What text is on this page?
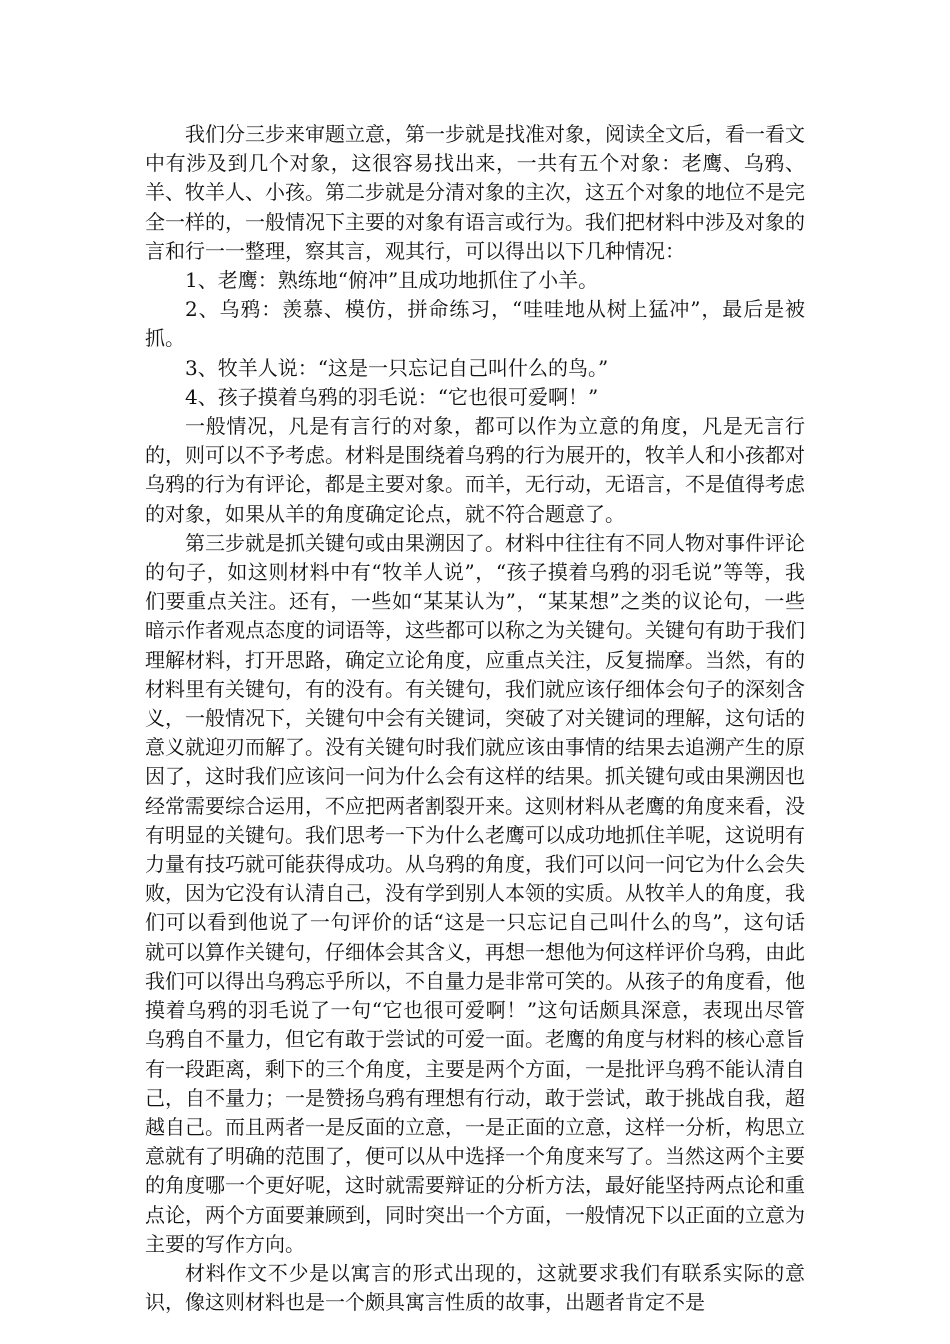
我们分三步来审题立意，第一步就是找准对象，阅读全文后，看一看文中有涉及到几个对象，这很容易找出来，一共有五个对象：老鹰、乌鸦、羊、牧羊人、小孩。第二步就是分清对象的主次，这五个对象的地位不是完全一样的，一般情况下主要的对象有语言或行为。我们把材料中涉及对象的言和行一一整理，察其言，观其行，可以得出以下几种情况：

1、老鹰：熟练地“俯冲”且成功地抓住了小羊。

2、乌鸦：羡慕、模仿，拼命练习，“哇哇地从树上猛冲”，最后是被抓。

3、牧羊人说：“这是一只忘记自己叫什么的鸟。”

4、孩子摸着乌鸦的羽毛说：“它也很可爱啊！”

一般情况，凡是有言行的对象，都可以作为立意的角度，凡是无言行的，则可以不予考虑。材料是围绕着乌鸦的行为展开的，牧羊人和小孩都对乌鸦的行为有评论，都是主要对象。而羊，无行动，无语言，不是值得考虑的对象，如果从羊的角度确定论点，就不符合题意了。

第三步就是抓关键句或由果溯因了。材料中往往有不同人物对事件评论的句子，如这则材料中有“牧羊人说”，“孩子摸着乌鸦的羽毛说”等等，我们要重点关注。还有，一些如“某某认为”，“某某想”之类的议论句，一些暗示作者观点态度的词语等，这些都可以称之为关键句。关键句有助于我们理解材料，打开思路，确定立论角度，应重点关注，反复揣摩。当然，有的材料里有关键句，有的没有。有关键句，我们就应该仔细体会句子的深刻含义，一般情况下，关键句中会有关键词，突破了对关键词的理解，这句话的意义就迎刃而解了。没有关键句时我们就应该由事情的结果去追溯产生的原因了，这时我们应该问一问为什么会有这样的结果。抓关键句或由果溯因也经常需要综合运用，不应把两者割裂开来。这则材料从老鹰的角度来看，没有明显的关键句。我们思考一下为什么老鹰可以成功地抓住羊呢，这说明有力量有技巧就可能获得成功。从乌鸦的角度，我们可以问一问它为什么会失败，因为它没有认清自己，没有学到别人本领的实质。从牧羊人的角度，我们可以看到他说了一句评价的话“这是一只忘记自己叫什么的鸟”，这句话就可以算作关键句，仔细体会其含义，再想一想他为何这样评价乌鸦，由此我们可以得出乌鸦忘乎所以，不自量力是非常可笑的。从孩子的角度看，他摸着乌鸦的羽毛说了一句“它也很可爱啊！”这句话颇具深意，表现出尽管乌鸦自不量力，但它有敢于尝试的可爱一面。老鹰的角度与材料的核心意旨有一段距离，剩下的三个角度，主要是两个方面，一是批评乌鸦不能认清自己，自不量力；一是赞扬乌鸦有理想有行动，敢于尝试，敢于挑战自我，超越自己。而且两者一是反面的立意，一是正面的立意，这样一分析，构思立意就有了明确的范围了，便可以从中选择一个角度来写了。当然这两个主要的角度哪一个更好呢，这时就需要辩证的分析方法，最好能坚持两点论和重点论，两个方面要兼顾到，同时突出一个方面，一般情况下以正面的立意为主要的写作方向。

材料作文不少是以寓言的形式出现的，这就要求我们有联系实际的意识，像这则材料也是一个颇具寓言性质的故事，出题者肯定不是
